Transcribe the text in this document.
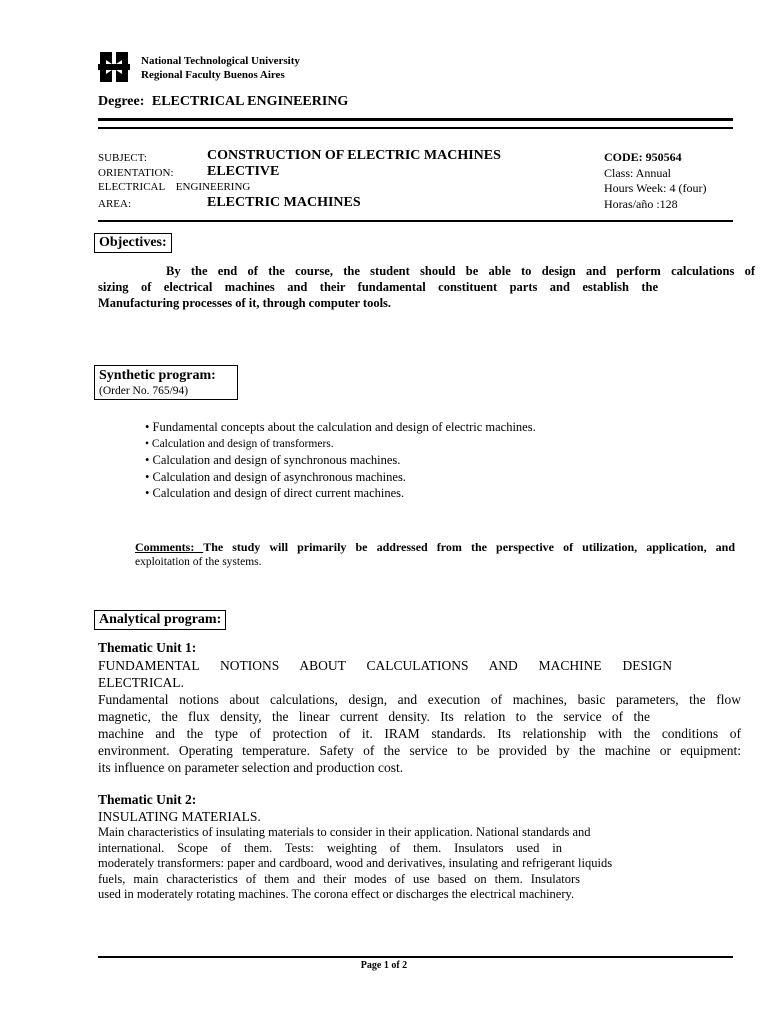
National Technological University
Regional Faculty Buenos Aires
Degree: ELECTRICAL ENGINEERING
SUBJECT:	CONSTRUCTION OF ELECTRIC MACHINES
ORIENTATION: ELECTIVE
ELECTRICAL    ENGINEERING
AREA:	ELECTRIC MACHINES
CODE: 950564
Class: Annual
Hours Week: 4 (four)
Horas/año :128
Objectives:
By the end of the course, the student should be able to design and perform calculations of
sizing of electrical machines and their fundamental constituent parts and establish the
Manufacturing processes of it, through computer tools.
Synthetic program:
(Order No. 765/94)
• Fundamental concepts about the calculation and design of electric machines.
• Calculation and design of transformers.
• Calculation and design of synchronous machines.
• Calculation and design of asynchronous machines.
• Calculation and design of direct current machines.
Comments: The study will primarily be addressed from the perspective of utilization, application, and
exploitation of the systems.
Analytical program:
Thematic Unit 1:
FUNDAMENTAL NOTIONS ABOUT CALCULATIONS AND MACHINE DESIGN
ELECTRICAL.
Fundamental notions about calculations, design, and execution of machines, basic parameters, the flow
magnetic, the flux density, the linear current density. Its relation to the service of the
machine and the type of protection of it. IRAM standards. Its relationship with the conditions of
environment. Operating temperature. Safety of the service to be provided by the machine or equipment:
its influence on parameter selection and production cost.
Thematic Unit 2:
INSULATING MATERIALS.
Main characteristics of insulating materials to consider in their application. National standards and
international. Scope of them. Tests: weighting of them. Insulators used in
moderately transformers: paper and cardboard, wood and derivatives, insulating and refrigerant liquids
fuels, main characteristics of them and their modes of use based on them. Insulators
used in moderately rotating machines. The corona effect or discharges the electrical machinery.
Page 1 of 2
